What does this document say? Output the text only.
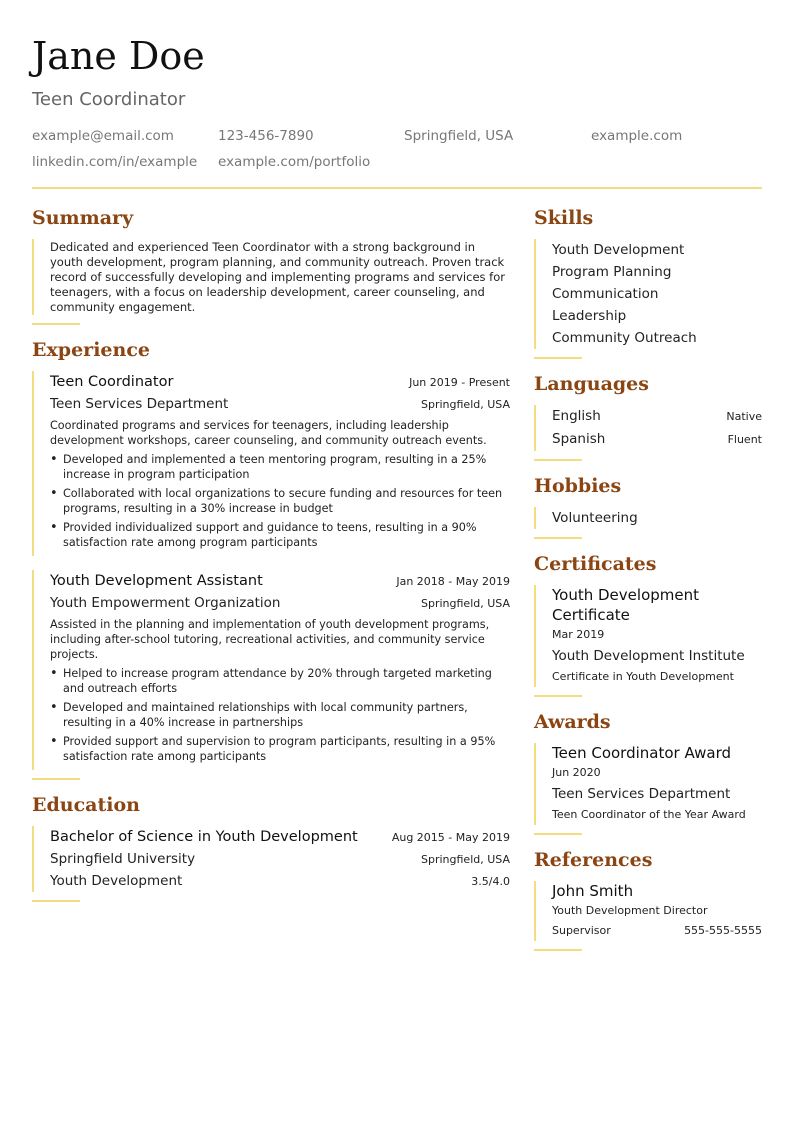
Jane Doe
Teen Coordinator
example@email.com	123-456-7890	Springfield, USA	example.com
linkedin.com/in/example example.com/portfolio
Summary

Dedicated and experienced Teen Coordinator with a strong background in youth development, program planning, and community outreach. Proven track record of successfully developing and implementing programs and services for teenagers, with a focus on leadership development, career counseling, and community engagement.

Experience
Teen Coordinator	Jun 2019 - Present
Teen Services Department	Springfield, USA

Coordinated programs and services for teenagers, including leadership development workshops, career counseling, and community outreach events.

• Developed and implemented a teen mentoring program, resulting in a 25% increase in program participation
• Collaborated with local organizations to secure funding and resources for teen programs, resulting in a 30% increase in budget
• Provided individualized support and guidance to teens, resulting in a 90% satisfaction rate among program participants
Youth Development Assistant	Jan 2018 - May 2019
Youth Empowerment Organization	Springfield, USA

Assisted in the planning and implementation of youth development programs, including after-school tutoring, recreational activities, and community service projects.

• Helped to increase program attendance by 20% through targeted marketing and outreach efforts
• Developed and maintained relationships with local community partners, resulting in a 40% increase in partnerships
• Provided support and supervision to program participants, resulting in a 95% satisfaction rate among participants
Education
Bachelor of Science in Youth Development	Aug 2015 - May 2019
Springfield University	Springfield, USA
Youth Development	3.5/4.0
Skills
Youth Development
Program Planning
Communication
Leadership
Community Outreach
Languages
English	Native
Spanish	Fluent
Hobbies
Volunteering
Certificates
Youth Development Certificate
Mar 2019
Youth Development Institute
Certificate in Youth Development
Awards
Teen Coordinator Award
Jun 2020
Teen Services Department
Teen Coordinator of the Year Award
References
John Smith
Youth Development Director
Supervisor	555-555-5555
